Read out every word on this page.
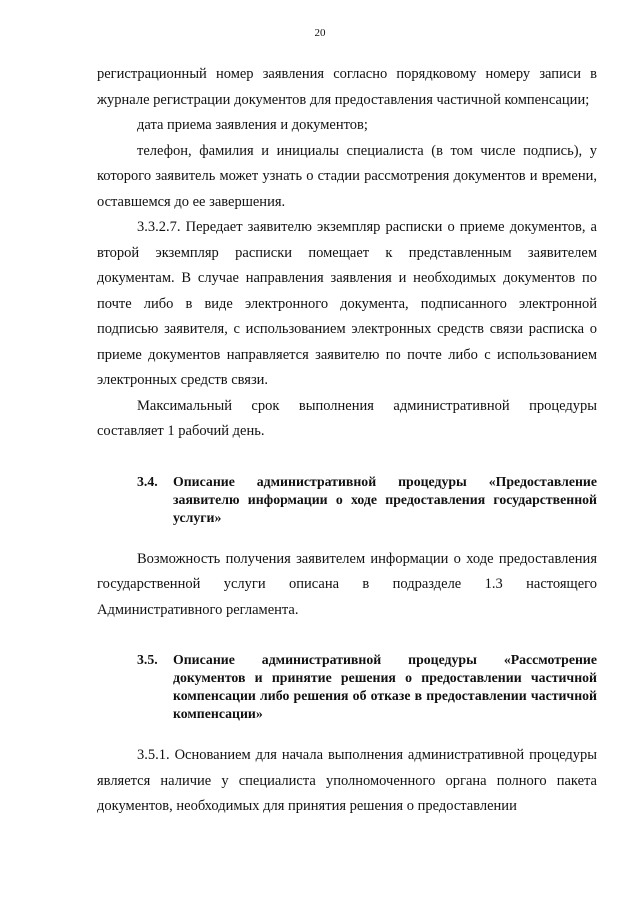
20

регистрационный номер заявления согласно порядковому номеру записи в журнале регистрации документов для предоставления частичной компенсации;

дата приема заявления и документов;

телефон, фамилия и инициалы специалиста (в том числе подпись), у которого заявитель может узнать о стадии рассмотрения документов и времени, оставшемся до ее завершения.

3.3.2.7. Передает заявителю экземпляр расписки о приеме документов, а второй экземпляр расписки помещает к представленным заявителем документам. В случае направления заявления и необходимых документов по почте либо в виде электронного документа, подписанного электронной подписью заявителя, с использованием электронных средств связи расписка о приеме документов направляется заявителю по почте либо с использованием электронных средств связи.

Максимальный срок выполнения административной процедуры составляет 1 рабочий день.

3.4.	Описание административной процедуры «Предоставление заявителю информации о ходе предоставления государственной услуги»

Возможность получения заявителем информации о ходе предоставления государственной услуги описана в подразделе 1.3 настоящего Административного регламента.

3.5.	Описание административной процедуры «Рассмотрение документов и принятие решения о предоставлении частичной компенсации либо решения об отказе в предоставлении частичной компенсации»

3.5.1. Основанием для начала выполнения административной процедуры является наличие у специалиста уполномоченного органа полного пакета документов, необходимых для принятия решения о предоставлении
